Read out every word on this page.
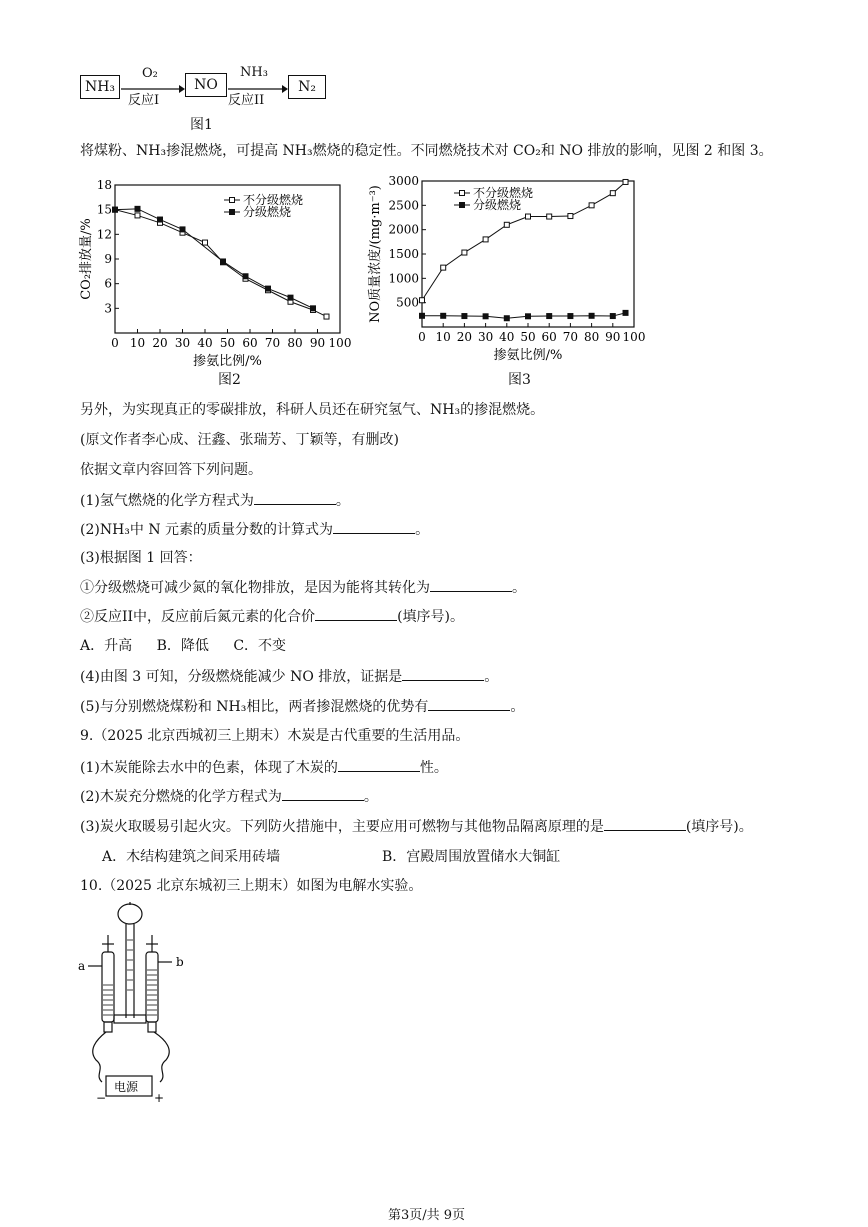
NH₃
O₂
反应I
NO
NH₃
反应II
N₂
图1
将煤粉、NH₃掺混燃烧，可提高 NH₃燃烧的稳定性。不同燃烧技术对 CO₂和 NO 排放的影响，见图 2 和图 3。
0 10 20 30 40 50 60 70 80 90 100
3
6
9
12
15
18
掺氨比例/%
CO₂排放量/%
不分级燃烧
分级燃烧
图2
0 10 20 30 40 50 60 70 80 90 100
500
1000
1500
2000
2500
3000
掺氨比例/%
NO质量浓度/(mg·m⁻³)	不分级燃烧
分级燃烧
图3
另外，为实现真正的零碳排放，科研人员还在研究氢气、NH₃的掺混燃烧。
(原文作者李心成、汪鑫、张瑞芳、丁颖等，有删改)
依据文章内容回答下列问题。
(1)氢气燃烧的化学方程式为	。
(2)NH₃中 N 元素的质量分数的计算式为	。
(3)根据图 1 回答：
①分级燃烧可减少氮的氧化物排放，是因为能将其转化为	。
②反应II中，反应前后氮元素的化合价	(填序号)。
A．升高 B．降低 C．不变
(4)由图 3 可知，分级燃烧能减少 NO 排放，证据是	。
(5)与分别燃烧煤粉和 NH₃相比，两者掺混燃烧的优势有	。
9.（2025 北京西城初三上期末）木炭是古代重要的生活用品。
(1)木炭能除去水中的色素，体现了木炭的	性。
(2)木炭充分燃烧的化学方程式为	。
(3)炭火取暖易引起火灾。下列防火措施中，主要应用可燃物与其他物品隔离原理的是	(填序号)。
A．木结构建筑之间采用砖墙	B．宫殿周围放置储水大铜缸
10.（2025 北京东城初三上期末）如图为电解水实验。
a	b
电源
−	+
第3页/共 9页
